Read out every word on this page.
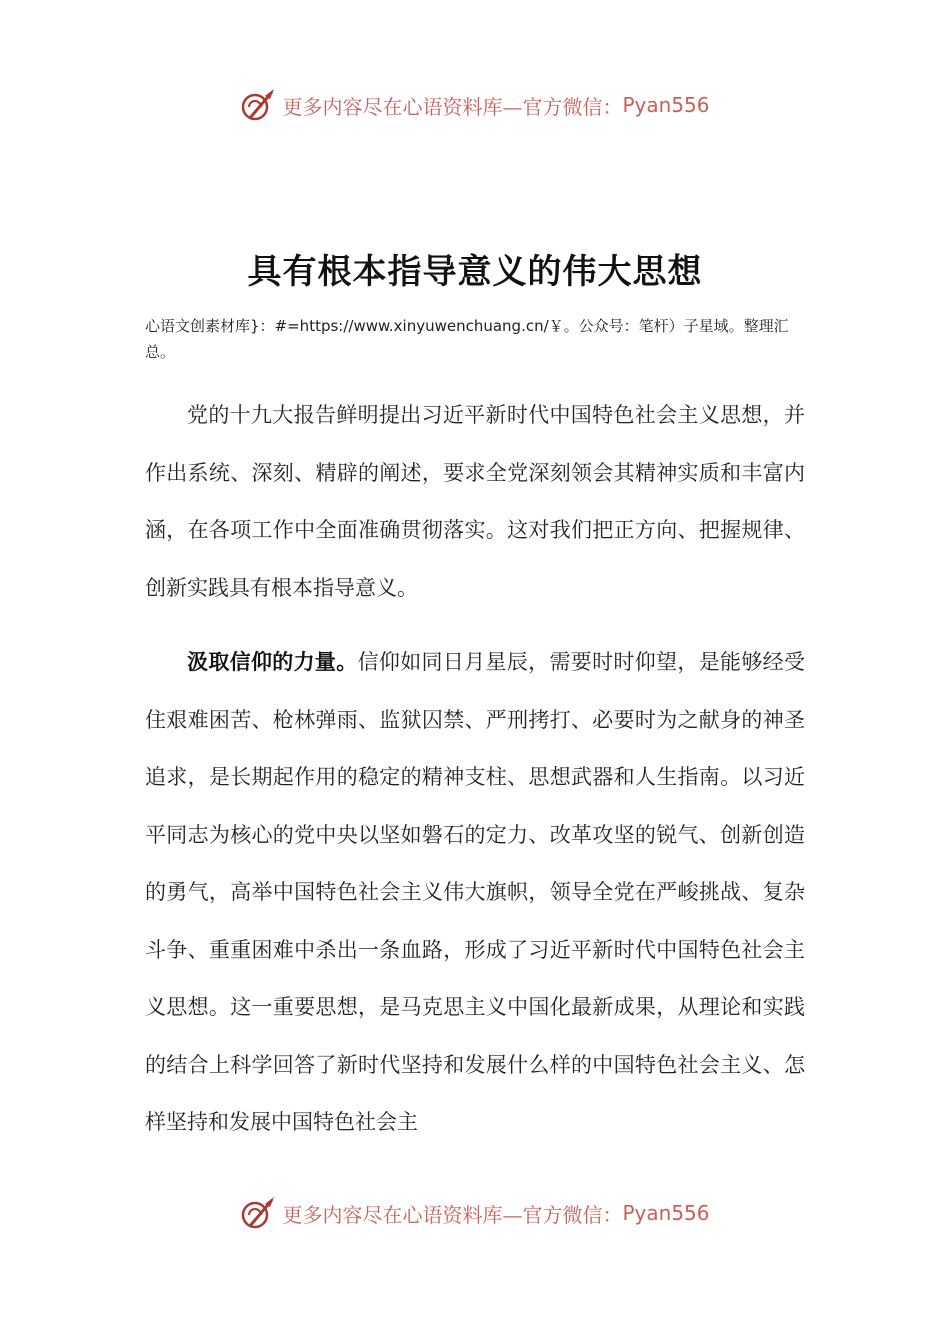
更多内容尽在心语资料库—官方微信： Pyan556
具有根本指导意义的伟大思想
心语文创素材库}：#=https://www.xinyuwenchuang.cn/￥。公众号：笔杆）子星域。整理汇总。
党的十九大报告鲜明提出习近平新时代中国特色社会主义思想，并作出系统、深刻、精辟的阐述，要求全党深刻领会其精神实质和丰富内涵，在各项工作中全面准确贯彻落实。这对我们把正方向、把握规律、创新实践具有根本指导意义。
汲取信仰的力量。信仰如同日月星辰，需要时时仰望，是能够经受住艰难困苦、枪林弹雨、监狱囚禁、严刑拷打、必要时为之献身的神圣追求，是长期起作用的稳定的精神支柱、思想武器和人生指南。以习近平同志为核心的党中央以坚如磐石的定力、改革攻坚的锐气、创新创造的勇气，高举中国特色社会主义伟大旗帜，领导全党在严峻挑战、复杂斗争、重重困难中杀出一条血路，形成了习近平新时代中国特色社会主义思想。这一重要思想，是马克思主义中国化最新成果，从理论和实践的结合上科学回答了新时代坚持和发展什么样的中国特色社会主义、怎样坚持和发展中国特色社会主
更多内容尽在心语资料库—官方微信： Pyan556
